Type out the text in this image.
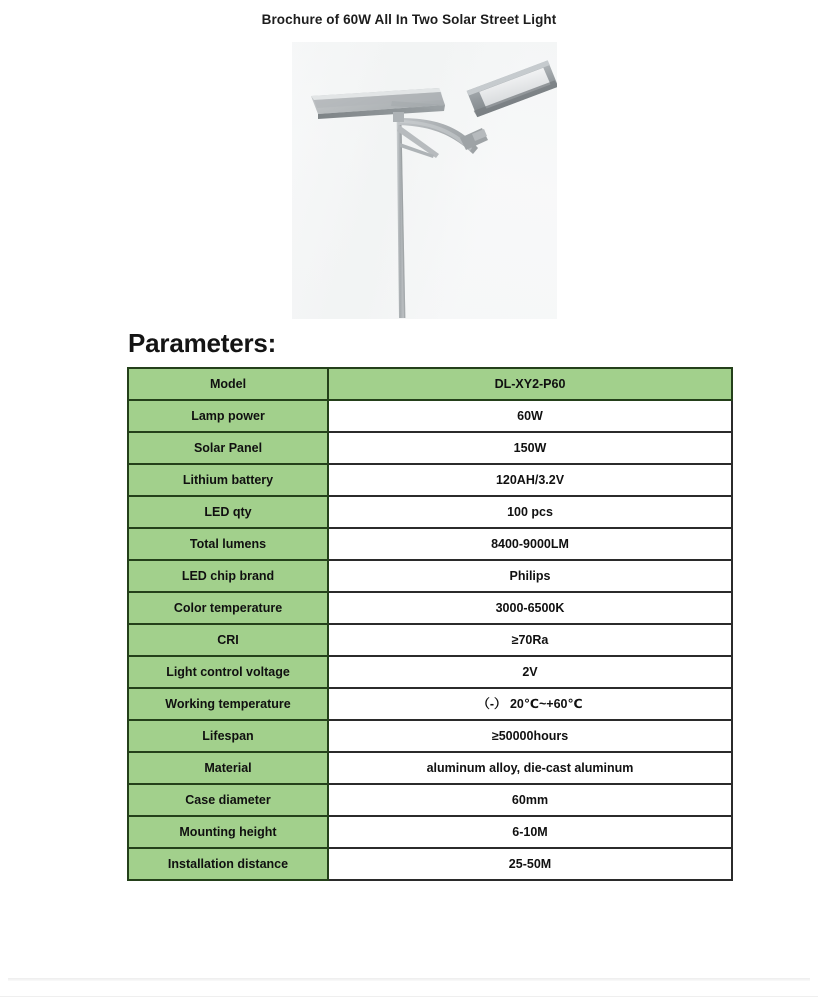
Brochure of 60W All In Two Solar Street Light
Parameters:
Model	DL-XY2-P60
Lamp power	60W
Solar Panel	150W
Lithium battery	120AH/3.2V
LED qty	100 pcs
Total lumens	8400-9000LM
LED chip brand	Philips
Color temperature	3000-6500K
CRI	≥70Ra
Light control voltage	2V
Working temperature	（-） 20℃~+60℃
Lifespan	≥50000hours
Material	aluminum alloy, die-cast aluminum
Case diameter	60mm
Mounting height	6-10M
Installation distance	25-50M
